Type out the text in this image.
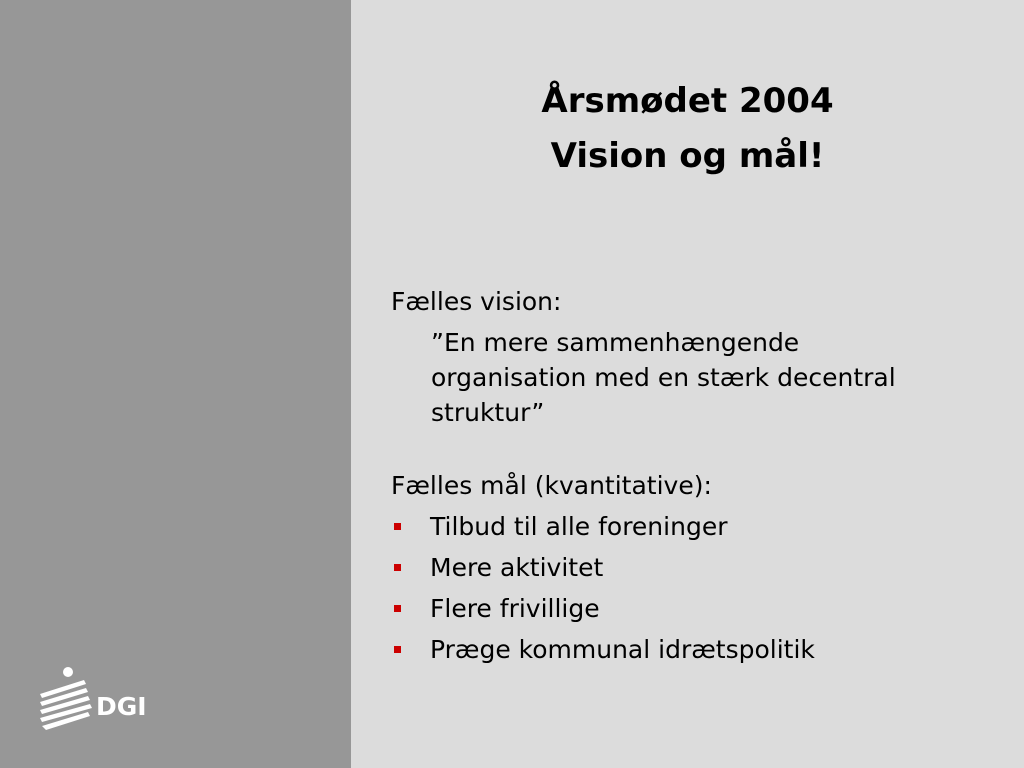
DGI
Årsmødet 2004
Vision og mål!

Fælles vision:

”En mere sammenhængende
organisation med en stærk decentral
struktur”

Fælles mål (kvantitative):

Tilbud til alle foreninger
Mere aktivitet
Flere frivillige
Præge kommunal idrætspolitik
